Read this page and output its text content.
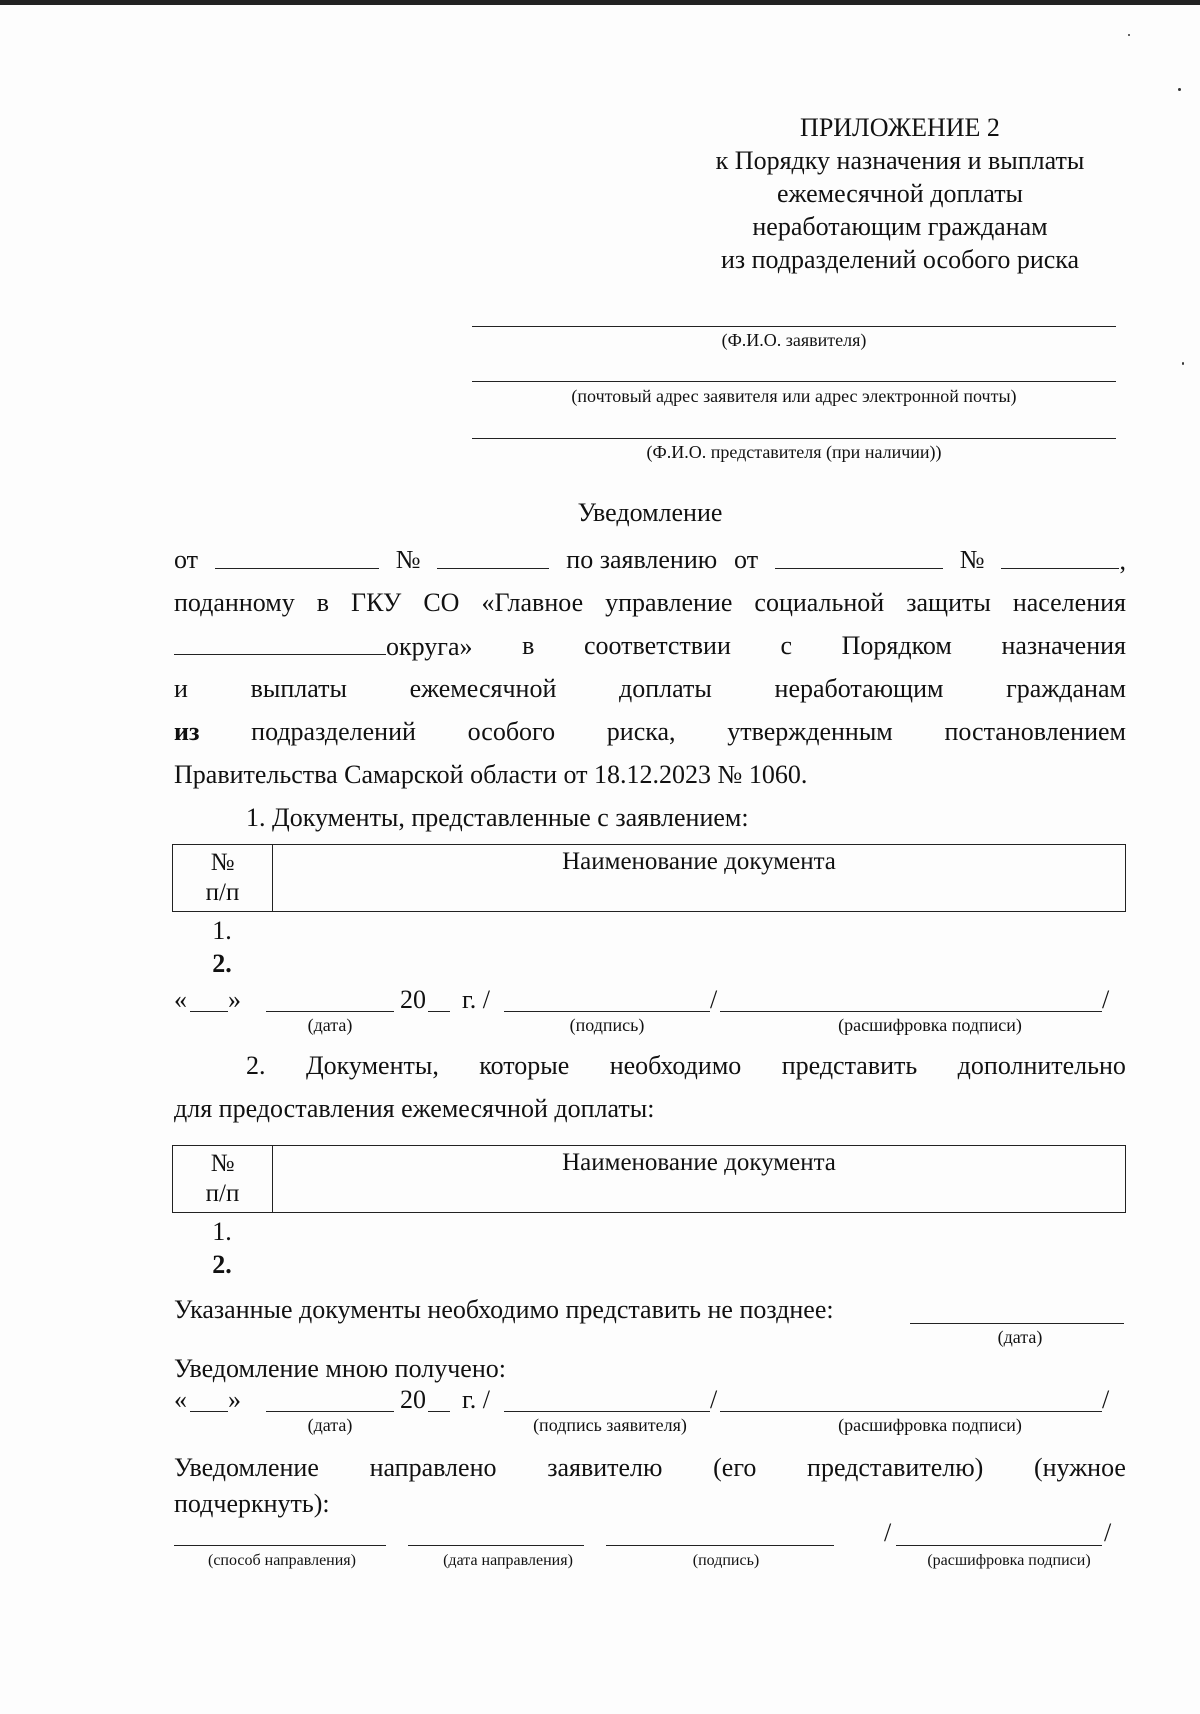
ПРИЛОЖЕНИЕ 2
к Порядку назначения и выплаты
ежемесячной доплаты
неработающим гражданам
из подразделений особого риска
(Ф.И.О. заявителя)
(почтовый адрес заявителя или адрес электронной почты)
(Ф.И.О. представителя (при наличии))
Уведомление
от	№	по заявлению от	№	,
поданному в ГКУ СО «Главное управление социальной защиты населения
округа» в соответствии с Порядком назначения
и выплаты ежемесячной доплаты неработающим гражданам
из подразделений особого риска, утвержденным постановлением
Правительства Самарской области от 18.12.2023 № 1060.
1. Документы, представленные с заявлением:
№
п/п	Наименование документа
1.
2.
« »	20 г. /	/	/
(дата)	(подпись)	(расшифровка подписи)
2. Документы, которые необходимо представить дополнительно
для предоставления ежемесячной доплаты:
№
п/п	Наименование документа
1.
2.
Указанные документы необходимо представить не позднее:
(дата)
Уведомление мною получено:
« »	20 г. /	/	/
(дата)	(подпись заявителя)	(расшифровка подписи)
Уведомление направлено заявителю (его представителю) (нужное
подчеркнуть):
/	/
(способ направления)	(дата направления)	(подпись)	(расшифровка подписи)
